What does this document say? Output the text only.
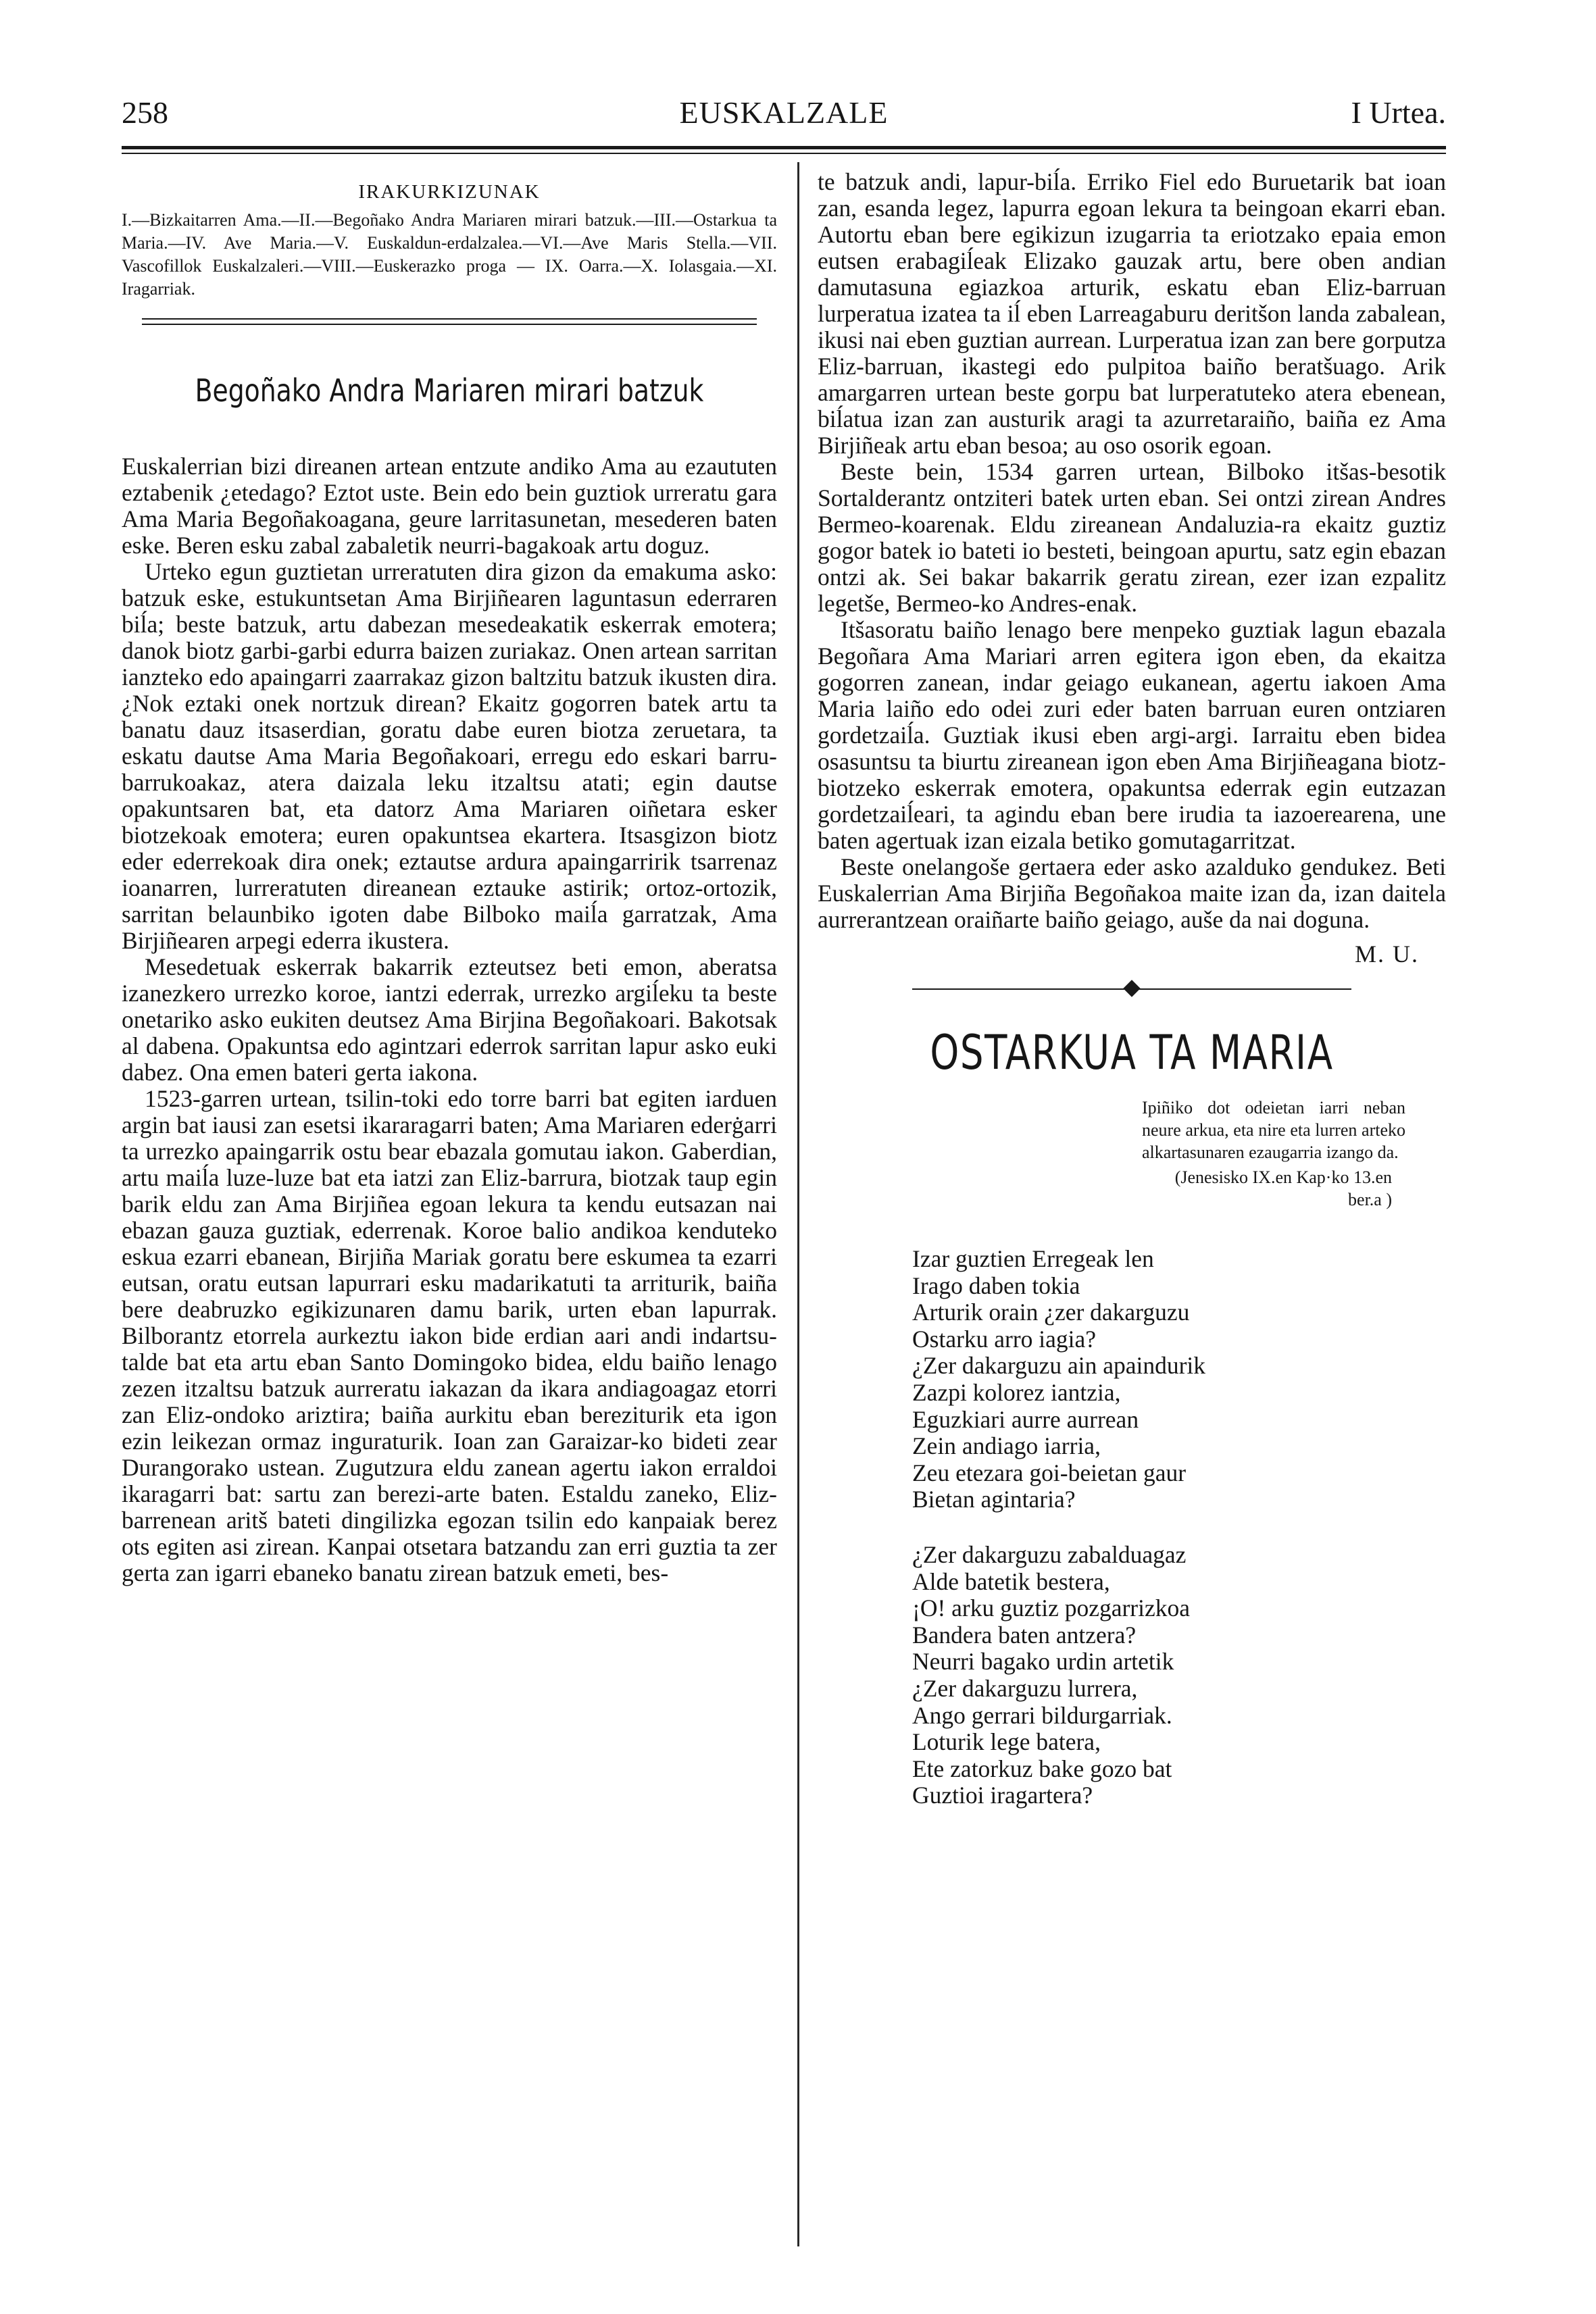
258	EUSKALZALE	I Urtea.
IRAKURKIZUNAK

I.—Bizkaitarren Ama.—II.—Begoñako Andra Mariaren mirari batzuk.—III.—Ostarkua ta Maria.—IV. Ave Maria.—V. Euskaldun-erdalzalea.—VI.—Ave Maris Stella.—VII. Vascofillok Euskalzaleri.—VIII.—Euskerazko proga — IX. Oarra.—X. Iolasgaia.—XI. Iragarriak.

Begoñako Andra Mariaren mirari batzuk

Euskalerrian bizi direanen artean entzute andiko Ama au ezaututen eztabenik ¿etedago? Eztot uste. Bein edo bein guztiok urreratu gara Ama Maria Begoñakoagana, geure larritasunetan, mesederen baten eske. Beren esku zabal zabaletik neurri-bagakoak artu doguz.

Urteko egun guztietan urreratuten dira gizon da emakuma asko: batzuk eske, estukuntsetan Ama Birjiñearen laguntasun ederraren biĺa; beste batzuk, artu dabezan mesedeakatik eskerrak emotera; danok biotz garbi-garbi edurra baizen zuriakaz. Onen artean sarritan ianzteko edo apaingarri zaarrakaz gizon baltzitu batzuk ikusten dira. ¿Nok eztaki onek nortzuk direan? Ekaitz gogorren batek artu ta banatu dauz itsaserdian, goratu dabe euren biotza zeruetara, ta eskatu dautse Ama Maria Begoñakoari, erregu edo eskari barru-barrukoakaz, atera daizala leku itzaltsu atati; egin dautse opakuntsaren bat, eta datorz Ama Mariaren oiñetara esker biotzekoak emotera; euren opakuntsea ekartera. Itsasgizon biotz eder ederrekoak dira onek; eztautse ardura apaingarririk tsarrenaz ioanarren, lurreratuten direanean eztauke astirik; ortoz-ortozik, sarritan belaunbiko igoten dabe Bilboko maiĺa garratzak, Ama Birjiñearen arpegi ederra ikustera.

Mesedetuak eskerrak bakarrik ezteutsez beti emon, aberatsa izanezkero urrezko koroe, iantzi ederrak, urrezko argiĺeku ta beste onetariko asko eukiten deutsez Ama Birjina Begoñakoari. Bakotsak al dabena. Opakuntsa edo agintzari ederrok sarritan lapur asko euki dabez. Ona emen bateri gerta iakona.

1523-garren urtean, tsilin-toki edo torre barri bat egiten iarduen argin bat iausi zan esetsi ikararagarri baten; Ama Mariaren ederġarri ta urrezko apaingarrik ostu bear ebazala gomutau iakon. Gaberdian, artu maiĺa luze-luze bat eta iatzi zan Eliz-barrura, biotzak taup egin barik eldu zan Ama Birjiñea egoan lekura ta kendu eutsazan nai ebazan gauza guztiak, ederrenak. Koroe balio andikoa kenduteko eskua ezarri ebanean, Birjiña Mariak goratu bere eskumea ta ezarri eutsan, oratu eutsan lapurrari esku madarikatuti ta arriturik, baiña bere deabruzko egikizunaren damu barik, urten eban lapurrak. Bilborantz etorrela aurkeztu iakon bide erdian aari andi indartsu-talde bat eta artu eban Santo Domingoko bidea, eldu baiño lenago zezen itzaltsu batzuk aurreratu iakazan da ikara andiagoagaz etorri zan Eliz-ondoko ariztira; baiña aurkitu eban bereziturik eta igon ezin leikezan ormaz inguraturik. Ioan zan Garaizar-ko bideti zear Durangorako ustean. Zugutzura eldu zanean agertu iakon erraldoi ikaragarri bat: sartu zan berezi-arte baten. Estaldu zaneko, Eliz-barrenean aritš bateti dingilizka egozan tsilin edo kanpaiak berez ots egiten asi zirean. Kanpai otsetara batzandu zan erri guztia ta zer gerta zan igarri ebaneko banatu zirean batzuk emeti, bes-

te batzuk andi, lapur-biĺa. Erriko Fiel edo Buruetarik bat ioan zan, esanda legez, lapurra egoan lekura ta beingoan ekarri eban. Autortu eban bere egikizun izugarria ta eriotzako epaia emon eutsen erabagiĺeak Elizako gauzak artu, bere oben andian damutasuna egiazkoa arturik, eskatu eban Eliz-barruan lurperatua izatea ta iĺ eben Larreagaburu deritšon landa zabalean, ikusi nai eben guztian aurrean. Lurperatua izan zan bere gorputza Eliz-barruan, ikastegi edo pulpitoa baiño beratšuago. Arik amargarren urtean beste gorpu bat lurperatuteko atera ebenean, biĺatua izan zan austurik aragi ta azurretaraiño, baiña ez Ama Birjiñeak artu eban besoa; au oso osorik egoan.

Beste bein, 1534 garren urtean, Bilboko itšas-besotik Sortalderantz ontziteri batek urten eban. Sei ontzi zirean Andres Bermeo-koarenak. Eldu zireanean Andaluzia-ra ekaitz guztiz gogor batek io bateti io besteti, beingoan apurtu, satz egin ebazan ontzi ak. Sei bakar bakarrik geratu zirean, ezer izan ezpalitz legetše, Bermeo-ko Andres-enak.

Itšasoratu baiño lenago bere menpeko guztiak lagun ebazala Begoñara Ama Mariari arren egitera igon eben, da ekaitza gogorren zanean, indar geiago eukanean, agertu iakoen Ama Maria laiño edo odei zuri eder baten barruan euren ontziaren gordetzaiĺa. Guztiak ikusi eben argi-argi. Iarraitu eben bidea osasuntsu ta biurtu zireanean igon eben Ama Birjiñeagana biotz-biotzeko eskerrak emotera, opakuntsa ederrak egin eutzazan gordetzaiĺeari, ta agindu eban bere irudia ta iazoerearena, une baten agertuak izan eizala betiko gomutagarritzat.

Beste onelangoše gertaera eder asko azalduko gendukez. Beti Euskalerrian Ama Birjiña Begoñakoa maite izan da, izan daitela aurrerantzean oraiñarte baiño geiago, auše da nai doguna.

M. U.
OSTARKUA TA MARIA
Ipiñiko dot odeietan iarri neban neure arkua, eta nire eta lurren arteko alkartasunaren ezaugarria izango da.
(Jenesisko IX.en Kap·ko 13.en ber.a )
Izar guztien Erregeak len
Irago daben tokia
Arturik orain ¿zer dakarguzu
Ostarku arro iagia?
¿Zer dakarguzu ain apaindurik
Zazpi kolorez iantzia,
Eguzkiari aurre aurrean
Zein andiago iarria,
Zeu etezara goi-beietan gaur
Bietan agintaria?
¿Zer dakarguzu zabalduagaz
Alde batetik bestera,
¡O! arku guztiz pozgarrizkoa
Bandera baten antzera?
Neurri bagako urdin artetik
¿Zer dakarguzu lurrera,
Ango gerrari bildurgarriak.
Loturik lege batera,
Ete zatorkuz bake gozo bat
Guztioi iragartera?
